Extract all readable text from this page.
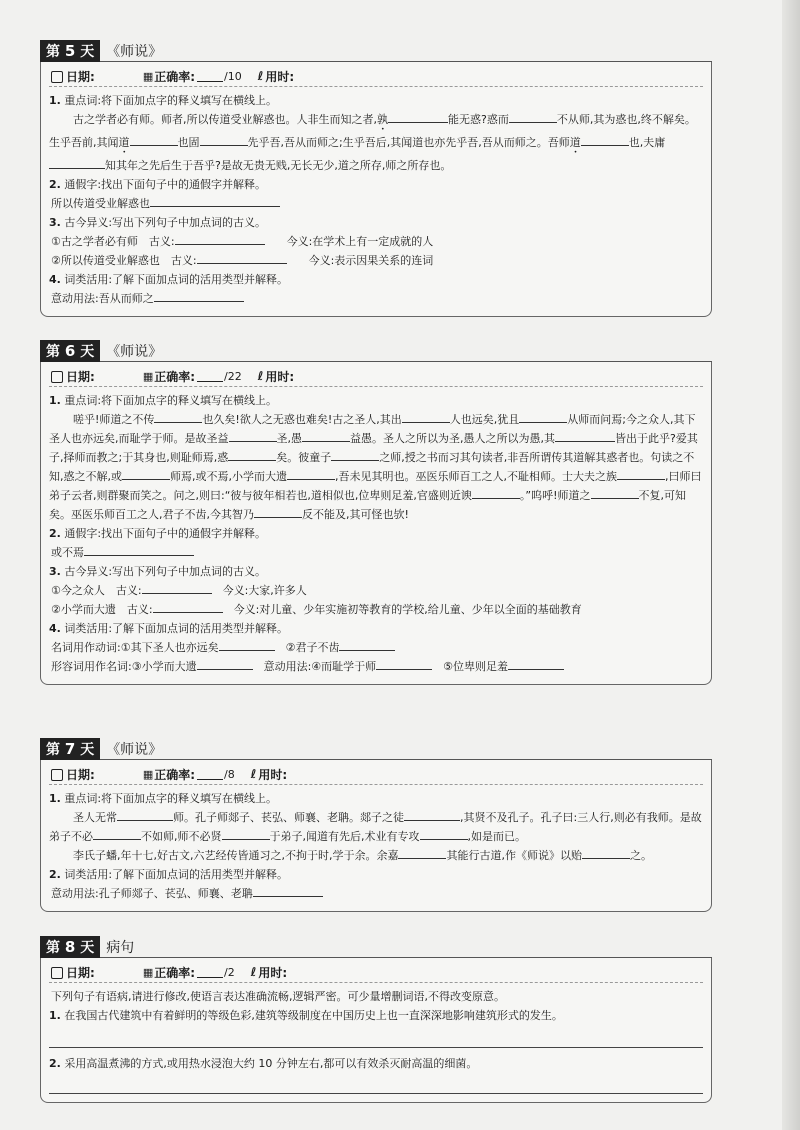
第 5 天 《师说》
日期:	▦ 正确率:	/10 ℓ 用时:
1. 重点词:将下面加点字的释义填写在横线上。
古之学者必有师。师者,所以传道受业解惑也。人非生而知之者,孰	能无惑?惑而	不从师,其为惑也,终不解矣。生乎吾前,其闻道	也固	先乎吾,吾从而师之;生乎吾后,其闻道也亦先乎吾,吾从而师之。吾师道	也,夫庸知其年之先后生于吾乎?是故无贵无贱,无长无少,道之所存,师之所存也。
2. 通假字:找出下面句子中的通假字并解释。
所以传道受业解惑也
3. 古今异义:写出下列句子中加点词的古义。
①古之学者必有师　古义:　　	今义:在学术上有一定成就的人
②所以传道受业解惑也　古义:　　	今义:表示因果关系的连词
4. 词类活用:了解下面加点词的活用类型并解释。
意动用法:吾从而师之
第 6 天 《师说》
日期:	▦ 正确率:	/22 ℓ 用时:
1. 重点词:将下面加点字的释义填写在横线上。
嗟乎!师道之不传	也久矣!欲人之无惑也难矣!古之圣人,其出	人也远矣,犹且	从师而问焉;今之众人,其下圣人也亦远矣,而耻学于师。是故圣益	圣,愚	益愚。圣人之所以为圣,愚人之所以为愚,其	皆出于此乎?爱其子,择师而教之;于其身也,则耻师焉,惑	矣。彼童子	之师,授之书而习其句读者,非吾所谓传其道解其惑者也。句读之不知,惑之不解,或	师焉,或不焉,小学而大遗	,吾未见其明也。巫医乐师百工之人,不耻相师。士大夫之族	,曰师曰弟子云者,则群聚而笑之。问之,则曰:“彼与彼年相若也,道相似也,位卑则足羞,官盛则近谀	。”呜呼!师道之	不复,可知矣。巫医乐师百工之人,君子不齿,今其智乃	反不能及,其可怪也欤!
2. 通假字:找出下面句子中的通假字并解释。
或不焉
3. 古今异义:写出下列句子中加点词的古义。
①今之众人　古义:　	今义:大家,许多人
②小学而大遗　古义:　	今义:对儿童、少年实施初等教育的学校,给儿童、少年以全面的基础教育
4. 词类活用:了解下面加点词的活用类型并解释。
名词用作动词:①其下圣人也亦远矣　	②君子不齿
形容词用作名词:③小学而大遗　	意动用法:④而耻学于师　	⑤位卑则足羞
第 7 天 《师说》
日期:	▦ 正确率:	/8 ℓ 用时:
1. 重点词:将下面加点字的释义填写在横线上。
圣人无常	师。孔子师郯子、苌弘、师襄、老聃。郯子之徒	,其贤不及孔子。孔子曰:三人行,则必有我师。是故弟子不必	不如师,师不必贤	于弟子,闻道有先后,术业有专攻	,如是而已。
李氏子蟠,年十七,好古文,六艺经传皆通习之,不拘于时,学于余。余嘉	其能行古道,作《师说》以贻	之。
2. 词类活用:了解下面加点词的活用类型并解释。
意动用法:孔子师郯子、苌弘、师襄、老聃
第 8 天 病句
日期:	▦ 正确率:	/2 ℓ 用时:
下列句子有语病,请进行修改,使语言表达准确流畅,逻辑严密。可少量增删词语,不得改变原意。
1. 在我国古代建筑中有着鲜明的等级色彩,建筑等级制度在中国历史上也一直深深地影响建筑形式的发生。
2. 采用高温煮沸的方式,或用热水浸泡大约 10 分钟左右,都可以有效杀灭耐高温的细菌。
